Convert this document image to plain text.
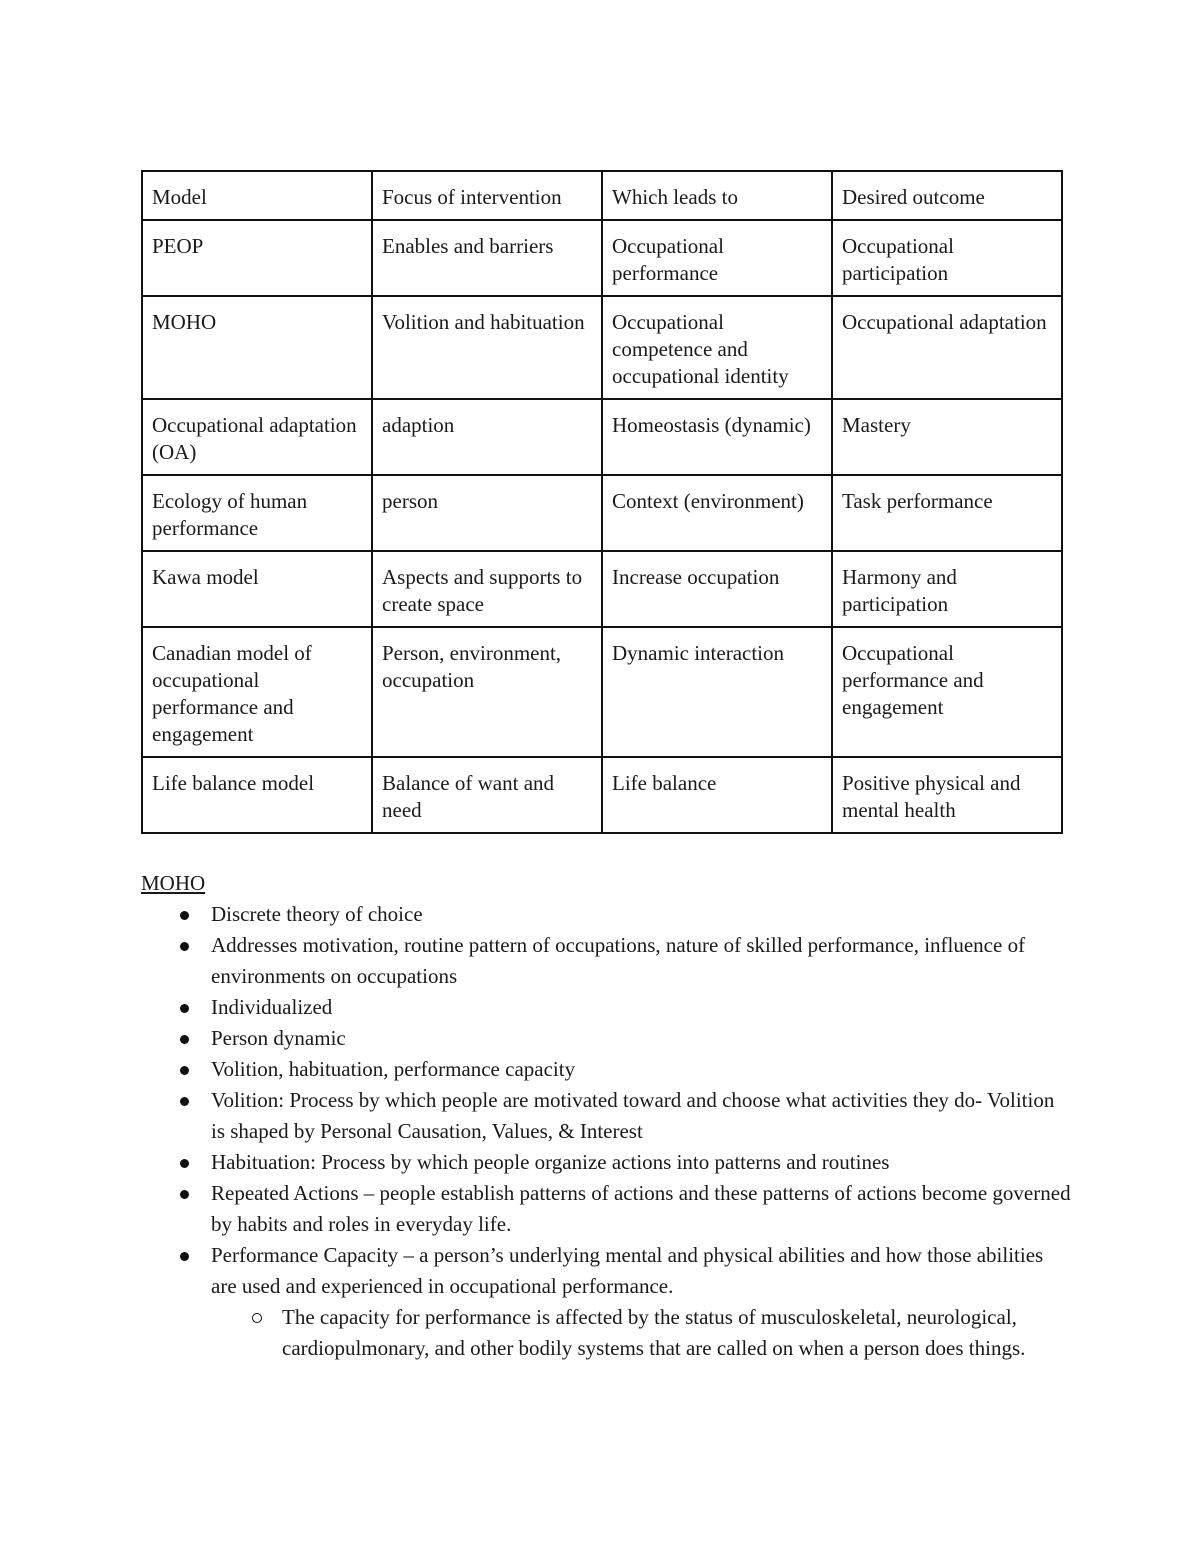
Model	Focus of intervention	Which leads to	Desired outcome
PEOP	Enables and barriers	Occupational performance	Occupational participation
MOHO	Volition and habituation	Occupational competence and occupational identity	Occupational adaptation
Occupational adaptation (OA)	adaption	Homeostasis (dynamic)	Mastery
Ecology of human performance	person	Context (environment)	Task performance
Kawa model	Aspects and supports to create space	Increase occupation	Harmony and participation
Canadian model of occupational performance and engagement	Person, environment, occupation	Dynamic interaction	Occupational performance and engagement
Life balance model	Balance of want and need	Life balance	Positive physical and mental health

MOHO

Discrete theory of choice
Addresses motivation, routine pattern of occupations, nature of skilled performance, influence of environments on occupations
Individualized
Person dynamic
Volition, habituation, performance capacity
Volition: Process by which people are motivated toward and choose what activities they do- Volition is shaped by Personal Causation, Values, & Interest
Habituation: Process by which people organize actions into patterns and routines
Repeated Actions – people establish patterns of actions and these patterns of actions become governed by habits and roles in everyday life.
Performance Capacity – a person’s underlying mental and physical abilities and how those abilities are used and experienced in occupational performance.
The capacity for performance is affected by the status of musculoskeletal, neurological, cardiopulmonary, and other bodily systems that are called on when a person does things.
